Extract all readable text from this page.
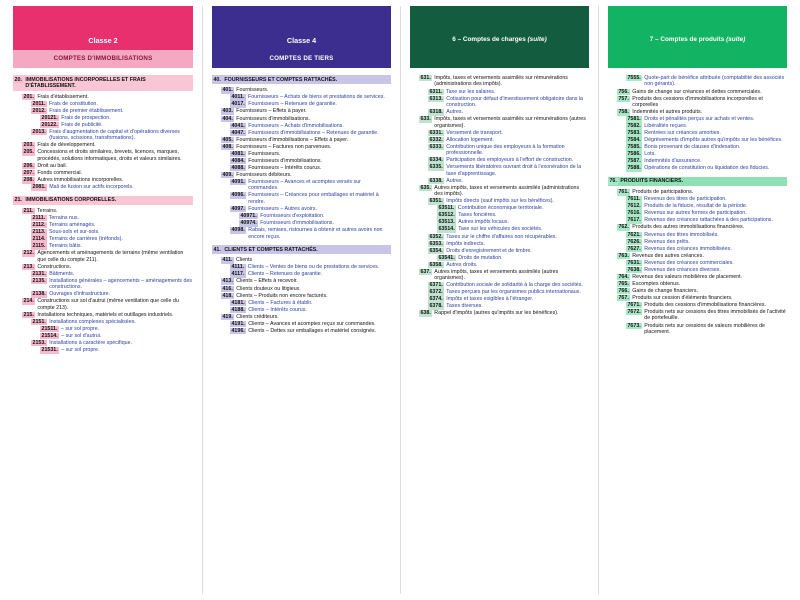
Classe 2
COMPTES D'IMMOBILISATIONS
20. IMMOBILISATIONS INCORPORELLES ET FRAIS D'ÉTABLISSEMENT.
201. Frais d'établissement.
2011. Frais de constitution.
2012. Frais de premier établissement.
20121. Frais de prospection.
20122. Frais de publicité.
2013. Frais d'augmentation de capital et d'opérations diverses (fusions, scissions, transformations).
203. Frais de développement.
205. Concessions et droits similaires, brevets, licences, marques, procédés, solutions informatiques, droits et valeurs similaires.
206. Droit au bail.
207. Fonds commercial.
208. Autres immobilisations incorporelles.
2081. Mali de fusion sur actifs incorporels.
21. IMMOBILISATIONS CORPORELLES.
211. Terrains.
2111. Terrains nus.
2112. Terrains aménagés.
2113. Sous-sols et sur-sols.
2114. Terrains de carrières (tréfonds).
2115. Terrains bâtis.
212. Agencements et aménagements de terrains (même ventilation que celle du compte 211).
213. Constructions.
2131. Bâtiments.
2135. Installations générales – agencements – aménagements des constructions.
2138. Ouvrages d'infrastructure.
214. Constructions sur sol d'autrui (même ventilation que celle du compte 213).
215. Installations techniques, matériels et outillages industriels.
2151. Installations complexes spécialisées.
21511. – sur sol propre.
21514. – sur sol d'autrui.
2153. Installations à caractère spécifique.
21531. – sur sol propre.
Classe 4
COMPTES DE TIERS
40. FOURNISSEURS ET COMPTES RATTACHÉS.
401. Fournisseurs.
4011. Fournisseurs – Achats de biens et prestations de services.
4017. Fournisseurs – Retenues de garantie.
403. Fournisseurs – Effets à payer.
404. Fournisseurs d'immobilisations.
4041. Fournisseurs – Achats d'immobilisations.
4047. Fournisseurs d'immobilisations – Retenues de garantie.
405. Fournisseurs d'immobilisations – Effets à payer.
408. Fournisseurs – Factures non parvenues.
4081. Fournisseurs.
4084. Fournisseurs d'immobilisations.
4088. Fournisseurs – Intérêts courus.
409. Fournisseurs débiteurs.
4091. Fournisseurs – Avances et acomptes versés sur commandes.
4096. Fournisseurs – Créances pour emballages et matériel à rendre.
4097. Fournisseurs – Autres avoirs.
40971. Fournisseurs d'exploitation.
40974. Fournisseurs d'immobilisations.
4098. Rabais, remises, ristournes à obtenir et autres avoirs non encore reçus.
41. CLIENTS ET COMPTES RATTACHÉS.
411. Clients
4111. Clients – Ventes de biens ou de prestations de services.
4117. Clients – Retenues de garantie.
413. Clients – Effets à recevoir.
416. Clients douteux ou litigieux.
418. Clients – Produits non encore facturés.
4181. Clients – Factures à établir.
4188. Clients – Intérêts courus.
419. Clients créditeurs.
4191. Clients – Avances et acomptes reçus sur commandes.
4196. Clients – Dettes sur emballages et matériel consignés.
6 – Comptes de charges (suite)
631. Impôts, taxes et versements assimilés sur rémunérations (administrations des impôts).
6311. Taxe sur les salaires.
6313. Cotisation pour défaut d'investissement obligatoire dans la construction.
6318. Autres.
633. Impôts, taxes et versements assimilés sur rémunérations (autres organismes).
6331. Versement de transport.
6332. Allocation logement.
6333. Contribution unique des employeurs à la formation professionnelle.
6334. Participation des employeurs à l'effort de construction.
6335. Versements libératoires ouvrant droit à l'exonération de la taxe d'apprentissage.
6338. Autres.
635. Autres impôts, taxes et versements assimilés (administrations des impôts).
6351. Impôts directs (sauf impôts sur les bénéfices).
63511. Contribution économique territoriale.
63512. Taxes foncières.
63513. Autres impôts locaux.
63514. Taxe sur les véhicules des sociétés.
6352. Taxes sur le chiffre d'affaires non récupérables.
6353. Impôts indirects.
6354. Droits d'enregistrement et de timbre.
63541. Droits de mutation.
6358. Autres droits.
637. Autres impôts, taxes et versements assimilés (autres organismes).
6371. Contribution sociale de solidarité à la charge des sociétés.
6372. Taxes perçues par les organismes publics internationaux.
6374. Impôts et taxes exigibles à l'étranger.
6378. Taxes diverses.
638. Rappel d'impôts (autres qu'impôts sur les bénéfices).
7 – Comptes de produits (suite)
7555. Quote-part de bénéfice attribuée (comptabilité des associés non gérants).
756. Gains de change sur créances et dettes commerciales.
757. Produits des cessions d'immobilisations incorporelles et corporelles
758. Indemnités et autres produits.
7581. Droits et pénalités perçus sur achats et ventes.
7582. Libéralités reçues.
7583. Rentrées sur créances amorties.
7584. Dégrèvements d'impôts autres qu'impôts sur les bénéfices.
7585. Bonis provenant de clauses d'indexation.
7586. Lots.
7587. Indemnités d'assurance.
7588. Opérations de constitution ou liquidation des fiducies.
76. PRODUITS FINANCIERS.
761. Produits de participations.
7611. Revenus des titres de participation.
7612. Produits de la fiducie, résultat de la période.
7616. Revenus sur autres formes de participation.
7617. Revenus des créances rattachées à des participations.
762. Produits des autres immobilisations financières.
7621. Revenus des titres immobilisés.
7626. Revenus des prêts.
7627. Revenus des créances immobilisées.
763. Revenus des autres créances.
7631. Revenus des créances commerciales.
7638. Revenus des créances diverses.
764. Revenus des valeurs mobilières de placement.
765. Escomptes obtenus.
766. Gains de change financiers.
767. Produits sur cession d'éléments financiers.
7671. Produits des cessions d'immobilisations financières.
7672. Produits nets sur cessions des titres immobilisés de l'activité de portefeuille.
7673. Produits nets sur cessions de valeurs mobilières de placement.
